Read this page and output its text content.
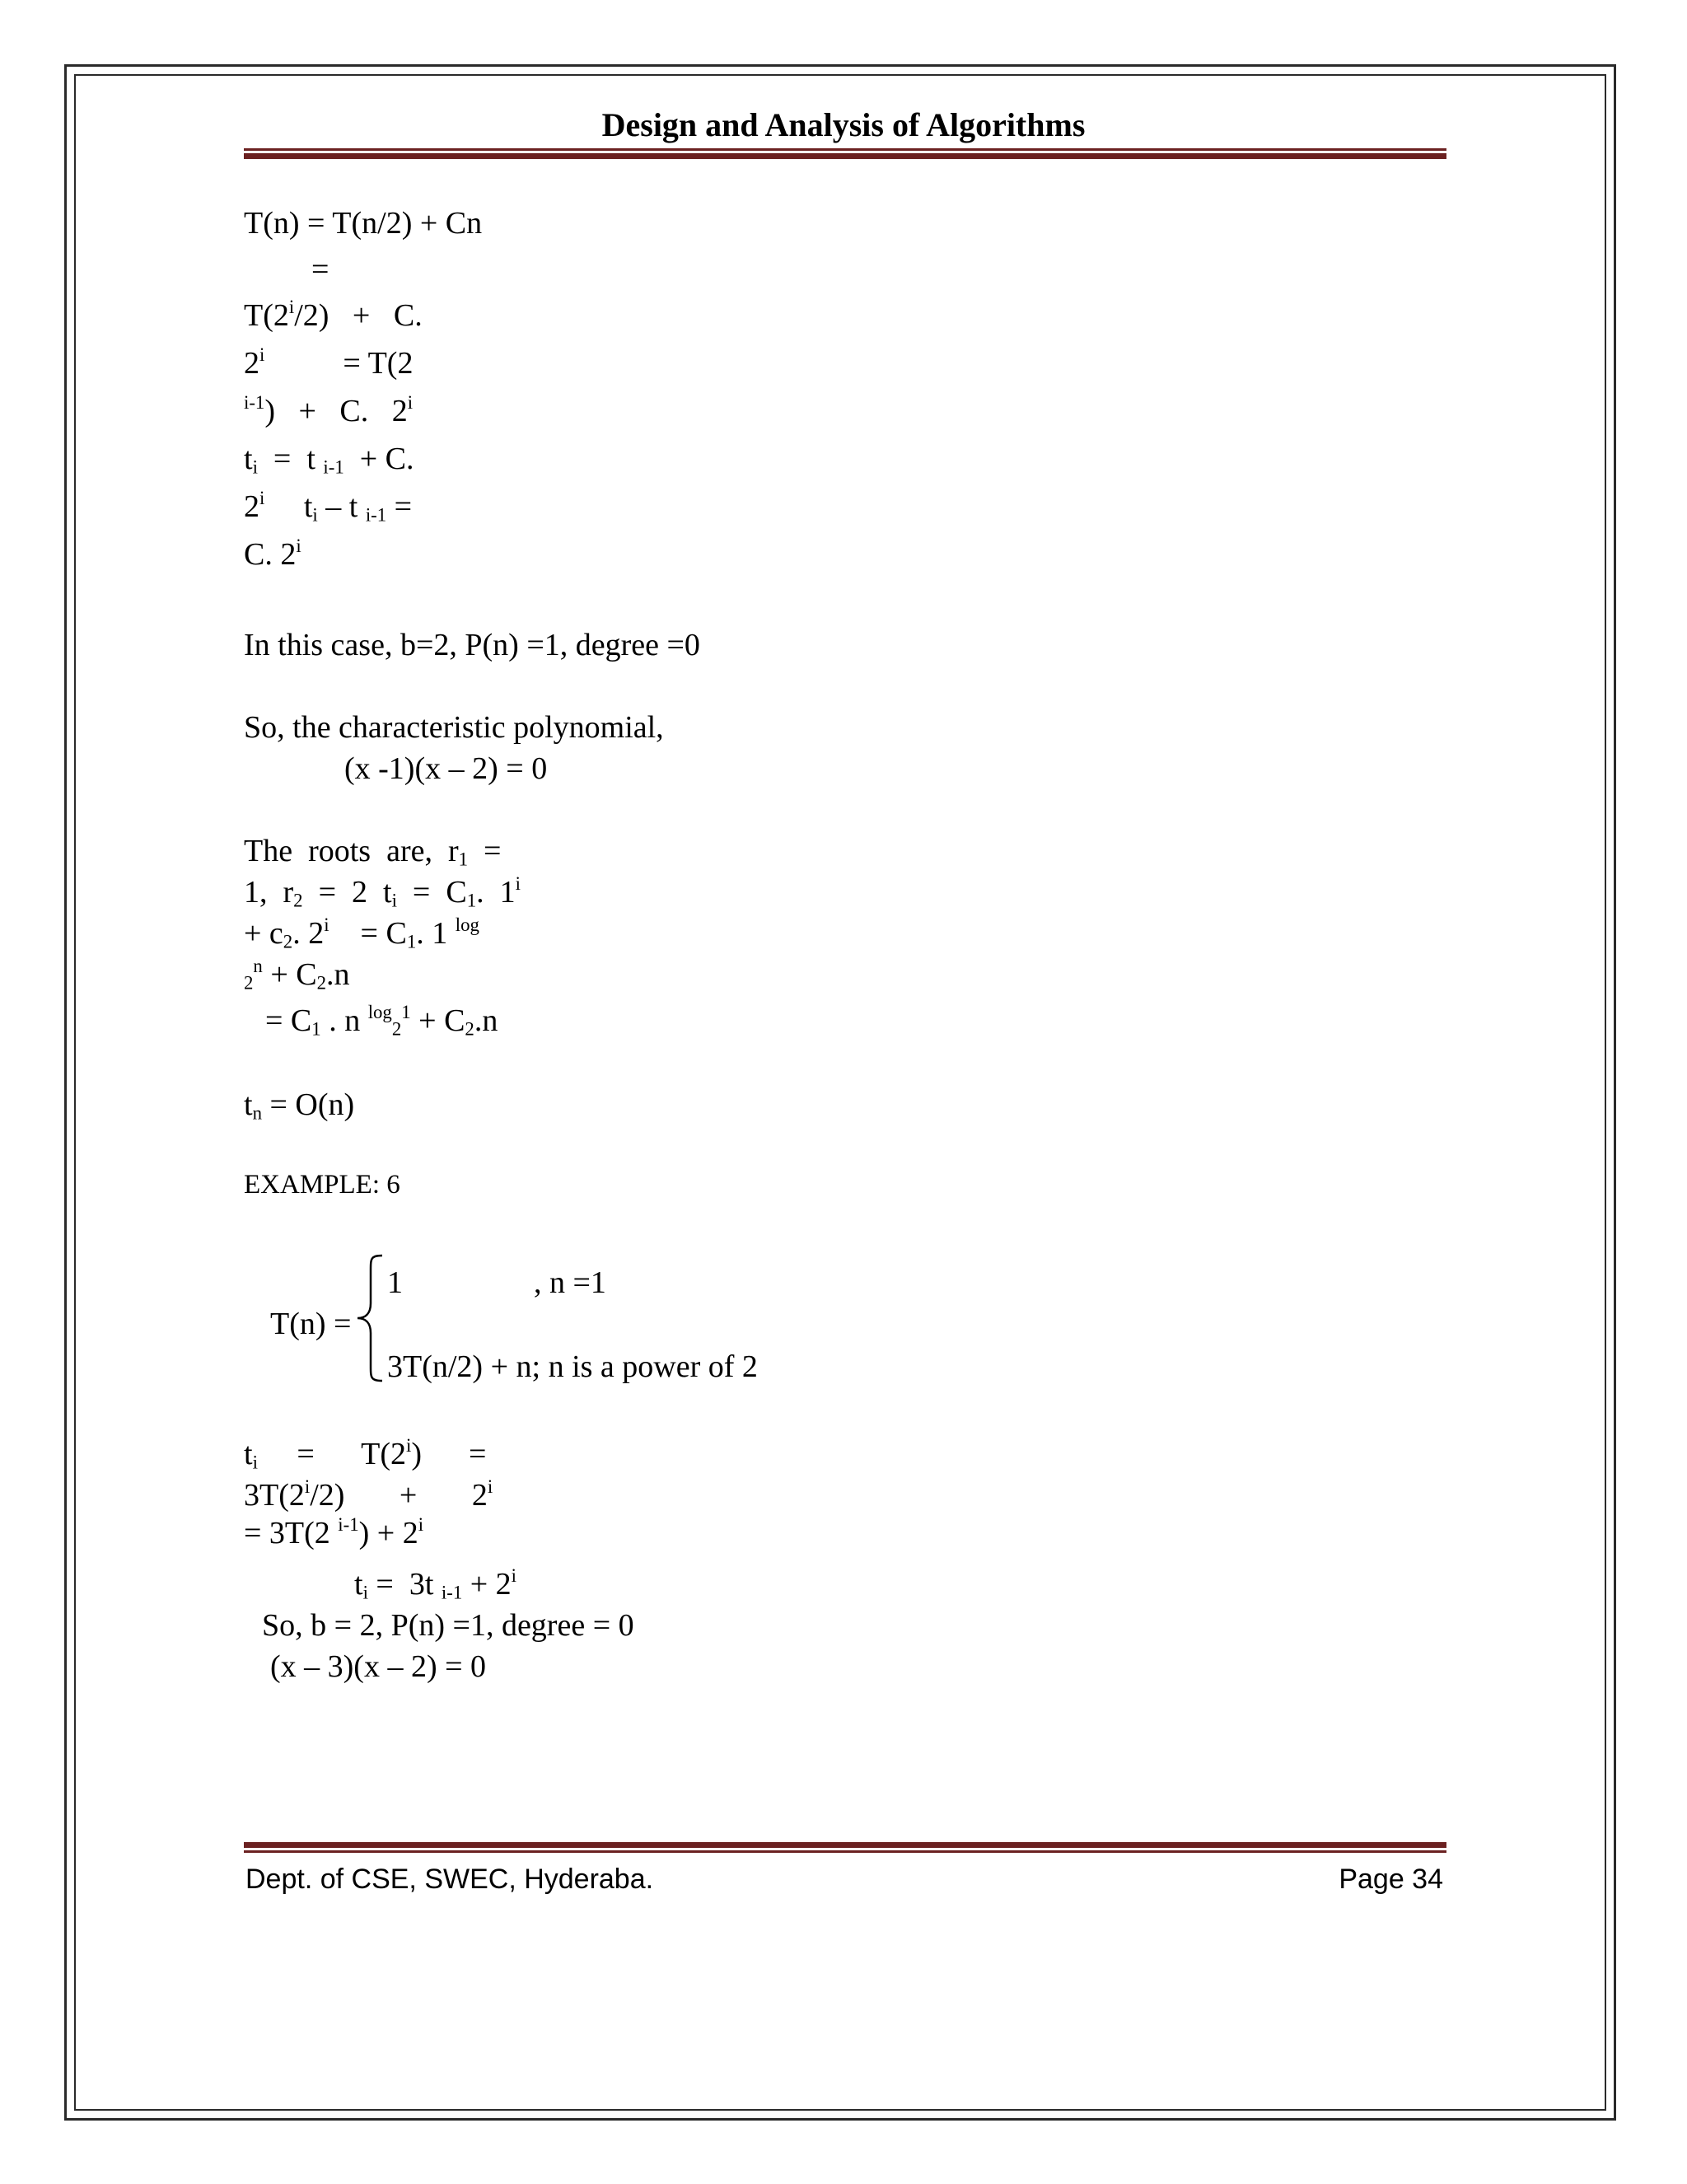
Design and Analysis of Algorithms
T(n) = T(n/2) + Cn
=
$T(2^i/2) + C$.
2$^i$          = T(2
$^{i-1}$)   +   C.   2$^i$
$t_i = t$ $_{i-1}$  + C.
2$^i$     $t_i$ – t $_{i-1}$ =
C. 2$^i$
In this case, b=2, P(n) =1, degree =0
So, the characteristic polynomial,
(x -1)(x – 2) = 0
The  roots  are,  $r_1$  =
1,  $r_2 = 2$  $t_i = C_1$.  $1^i$
+ $c_2$. 2$^i$    = $C_1$. 1 $^{log}$
$_2^n + C_2.n$
= $C_1$ . n $^{log}_2^1 + C_2.n$
$t_n = O(n)$
EXAMPLE: 6
1	, n =1
T(n) =
3T(n/2) + n; n is a power of 2
$t_i$     =      T(2$^i$)      =
$3T(2^i/2)$       +       $2^i$
= 3T(2 $^{i-1}) + 2^i$
$t_i = 3t$ $_{i-1} + 2^i$
So, b = 2, P(n) =1, degree = 0
(x – 3)(x – 2) = 0
Dept. of CSE, SWEC, Hyderaba.	Page 34
